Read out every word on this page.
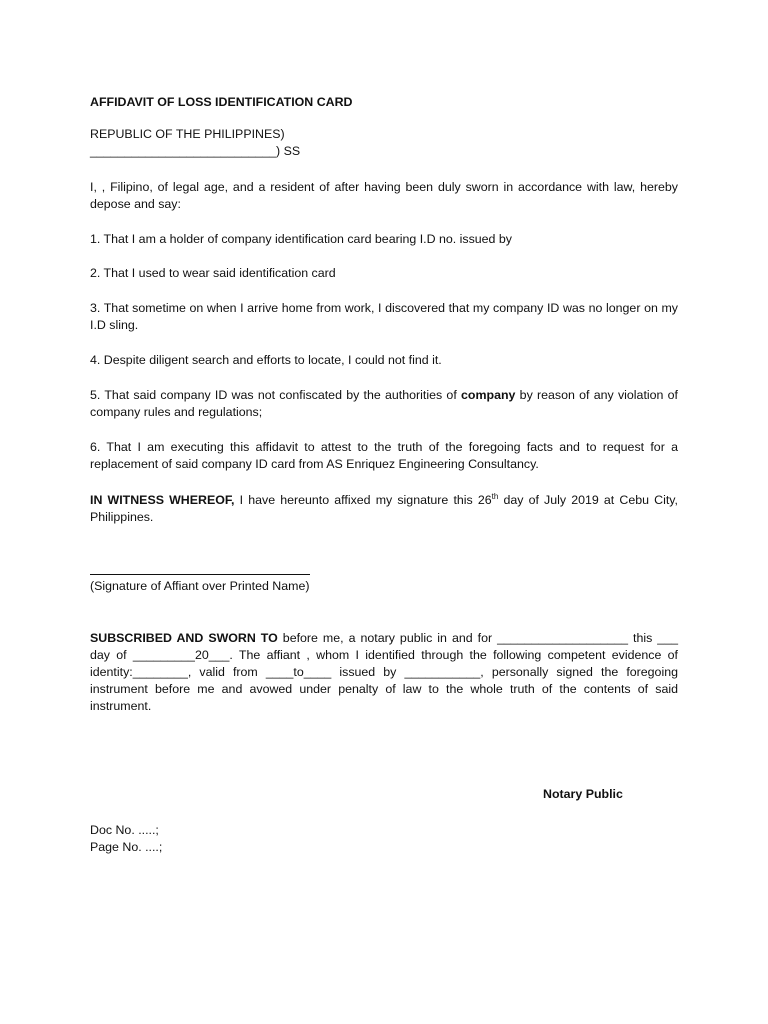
AFFIDAVIT OF LOSS IDENTIFICATION CARD

REPUBLIC OF THE PHILIPPINES)
___________________________) SS

I, , Filipino, of legal age, and a resident of after having been duly sworn in accordance with law, hereby depose and say:

1. That I am a holder of company identification card bearing I.D no. issued by

2. That I used to wear said identification card

3. That sometime on when I arrive home from work, I discovered that my company ID was no longer on my I.D sling.

4. Despite diligent search and efforts to locate, I could not find it.

5. That said company ID was not confiscated by the authorities of company by reason of any violation of company rules and regulations;

6. That I am executing this affidavit to attest to the truth of the foregoing facts and to request for a replacement of said company ID card from AS Enriquez Engineering Consultancy.

IN WITNESS WHEREOF, I have hereunto affixed my signature this 26th day of July 2019 at Cebu City, Philippines.

(Signature of Affiant over Printed Name)

SUBSCRIBED AND SWORN TO before me, a notary public in and for ___________________ this ___ day of _________20___. The affiant , whom I identified through the following competent evidence of identity:________, valid from ____to____ issued by ___________, personally signed the foregoing instrument before me and avowed under penalty of law to the whole truth of the contents of said instrument.

Notary Public

Doc No. .....;
Page No. ....;
